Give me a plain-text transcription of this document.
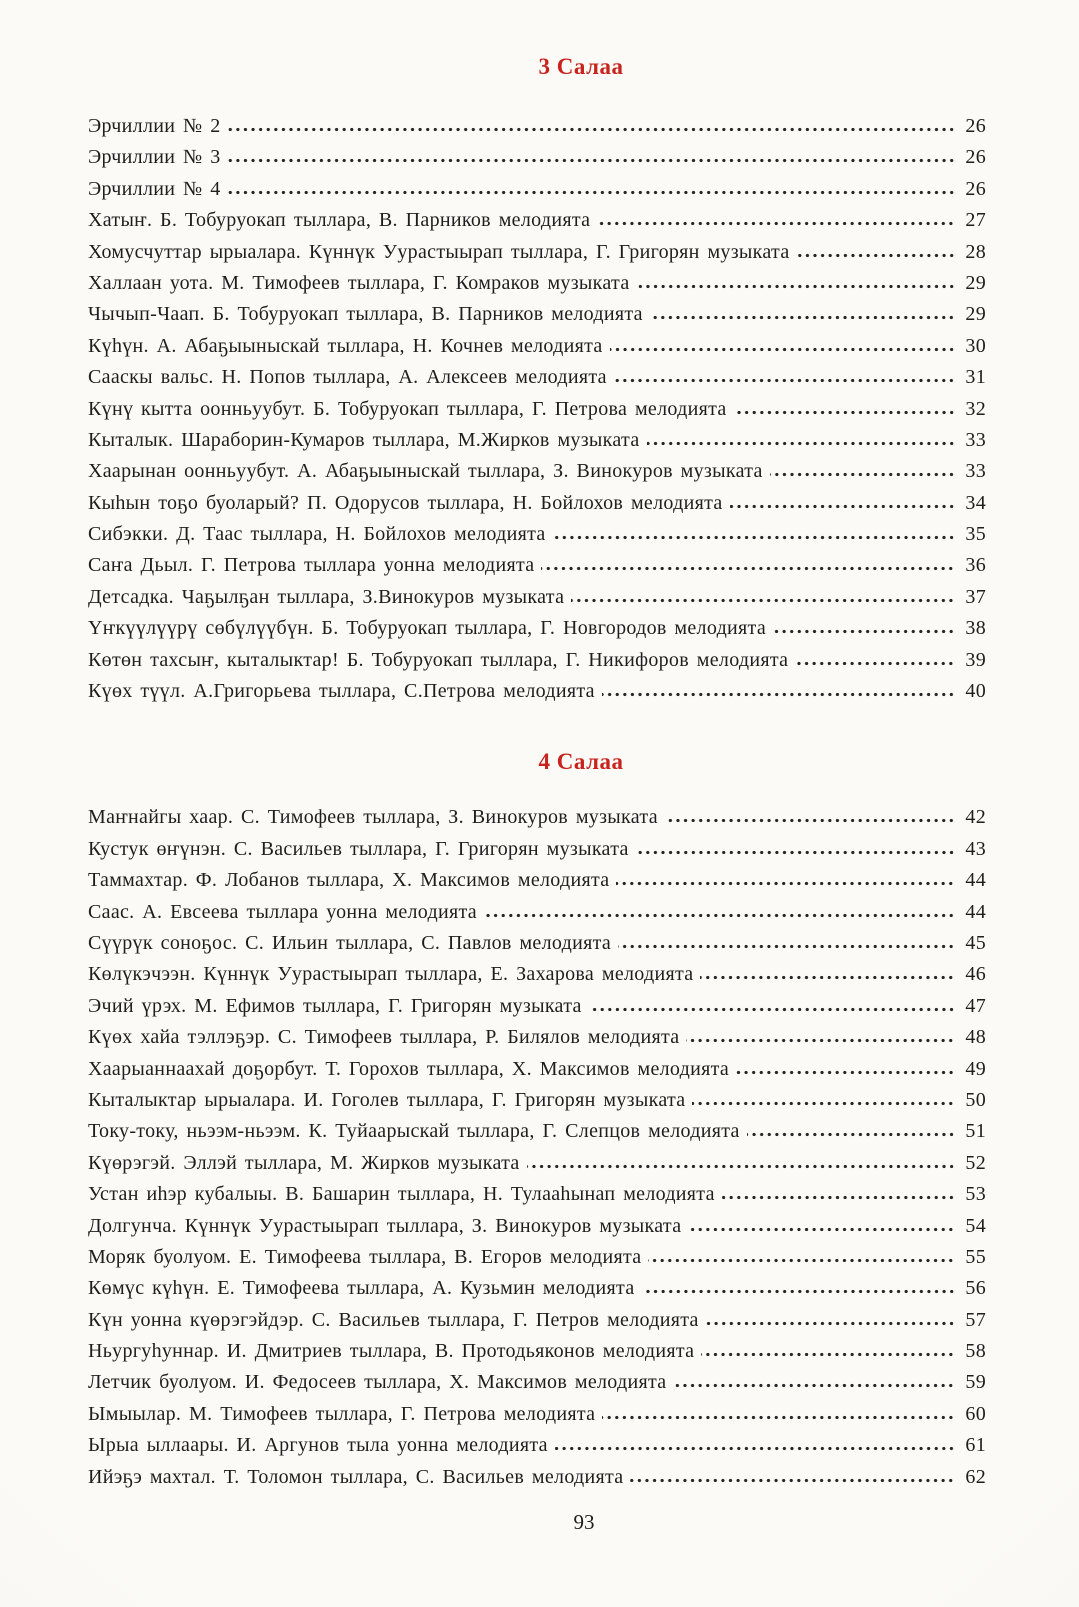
3 Салаа
Эрчиллии № 2	26
Эрчиллии № 3	26
Эрчиллии № 4	26
Хатыҥ. Б. Тобуруокап тыллара, В. Парников мелодията	27
Хомусчуттар ырыалара. Күннүк Уурастыырап тыллара, Г. Григорян музыката	28
Халлаан уота. М. Тимофеев тыллара, Г. Комраков музыката	29
Чычып-Чаап. Б. Тобуруокап тыллара, В. Парников мелодията	29
Күһүн. А. Абаҕыыныскай тыллара, Н. Кочнев мелодията	30
Сааскы вальс. Н. Попов тыллара, А. Алексеев мелодията	31
Күнү кытта оонньуубут. Б. Тобуруокап тыллара, Г. Петрова мелодията	32
Кыталык. Шараборин-Кумаров тыллара, М.Жирков музыката	33
Хаарынан оонньуубут. А. Абаҕыыныскай тыллара, З. Винокуров музыката	33
Кыһын тоҕо буоларый? П. Одорусов тыллара, Н. Бойлохов мелодията	34
Сибэкки. Д. Таас тыллара, Н. Бойлохов мелодията	35
Саҥа Дьыл. Г. Петрова тыллара уонна мелодията	36
Детсадка. Чаҕылҕан тыллара, З.Винокуров музыката	37
Үҥкүүлүүрү сөбүлүүбүн. Б. Тобуруокап тыллара, Г. Новгородов мелодията	38
Көтөн тахсыҥ, кыталыктар! Б. Тобуруокап тыллара, Г. Никифоров мелодията	39
Күөх түүл. А.Григорьева тыллара, С.Петрова мелодията	40
4 Салаа
Маҥнайгы хаар. С. Тимофеев тыллара, З. Винокуров музыката	42
Кустук өҥүнэн. С. Васильев тыллара, Г. Григорян музыката	43
Таммахтар. Ф. Лобанов тыллара, Х. Максимов мелодията	44
Саас. А. Евсеева тыллара уонна мелодията	44
Сүүрүк соноҕос. С. Ильин тыллара, С. Павлов мелодията	45
Көлүкэчээн. Күннүк Уурастыырап тыллара, Е. Захарова мелодията	46
Эчий үрэх. М. Ефимов тыллара, Г. Григорян музыката	47
Күөх хайа тэллэҕэр. С. Тимофеев тыллара, Р. Билялов мелодията	48
Хаарыаннаахай доҕорбут. Т. Горохов тыллара, Х. Максимов мелодията	49
Кыталыктар ырыалара. И. Гоголев тыллара, Г. Григорян музыката	50
Току-току, ньээм-ньээм. К. Туйаарыскай тыллара, Г. Слепцов мелодията	51
Күөрэгэй. Эллэй тыллара, М. Жирков музыката	52
Устан иһэр кубалыы. В. Башарин тыллара, Н. Тулааһынап мелодията	53
Долгунча. Күннүк Уурастыырап тыллара, З. Винокуров музыката	54
Моряк буолуом. Е. Тимофеева тыллара, В. Егоров мелодията	55
Көмүс күһүн. Е. Тимофеева тыллара, А. Кузьмин мелодията	56
Күн уонна күөрэгэйдэр. С. Васильев тыллара, Г. Петров мелодията	57
Ньургуһуннар. И. Дмитриев тыллара, В. Протодьяконов мелодията	58
Летчик буолуом. И. Федосеев тыллара, Х. Максимов мелодията	59
Ымыылар. М. Тимофеев тыллара, Г. Петрова мелодията	60
Ырыа ыллаары. И. Аргунов тыла уонна мелодията	61
Ийэҕэ махтал. Т. Толомон тыллара, С. Васильев мелодията	62
93
